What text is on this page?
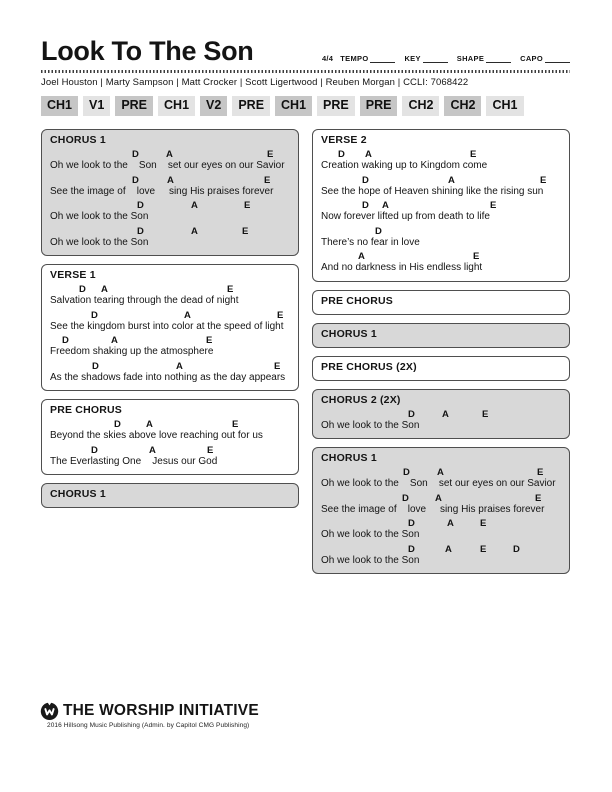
Look To The Son	4/4 TEMPO	KEY	SHAPE	CAPO
Joel Houston | Marty Sampson | Matt Crocker | Scott Ligertwood | Reuben Morgan | CCLI: 7068422
CH1	V1	PRE	CH1	V2	PRE	CH1	PRE	PRE	CH2	CH2	CH1
CHORUS 1
D	A	E
Oh we look to the    Son    set our eyes on our Savior
D	A	E
See the image of    love     sing His praises forever
D	A	E
Oh we look to the Son
D	A	E
Oh we look to the Son
VERSE 1
D A	E
Salvation tearing through the dead of night
D	A	E
See the kingdom burst into color at the speed of light
D	A	E
Freedom shaking up the atmosphere
D	A	E
As the shadows fade into nothing as the day appears
PRE CHORUS
D	A	E
Beyond the skies above love reaching out for us
D	A	E
The Everlasting One    Jesus our God
CHORUS 1
VERSE 2
D A	E
Creation waking up to Kingdom come
D	A	E
See the hope of Heaven shining like the rising sun
D A	E
Now forever lifted up from death to life
D
There’s no fear in love
A	E
And no darkness in His endless light
PRE CHORUS
CHORUS 1
PRE CHORUS (2X)
CHORUS 2 (2X)
D	A	E
Oh we look to the Son
CHORUS 1
D	A	E
Oh we look to the    Son    set our eyes on our Savior
D	A	E
See the image of    love     sing His praises forever
D	A	E
Oh we look to the Son
D	A	E	D
Oh we look to the Son
THE WORSHIP INITIATIVE
2016 Hillsong Music Publishing (Admin. by Capitol CMG Publishing)
